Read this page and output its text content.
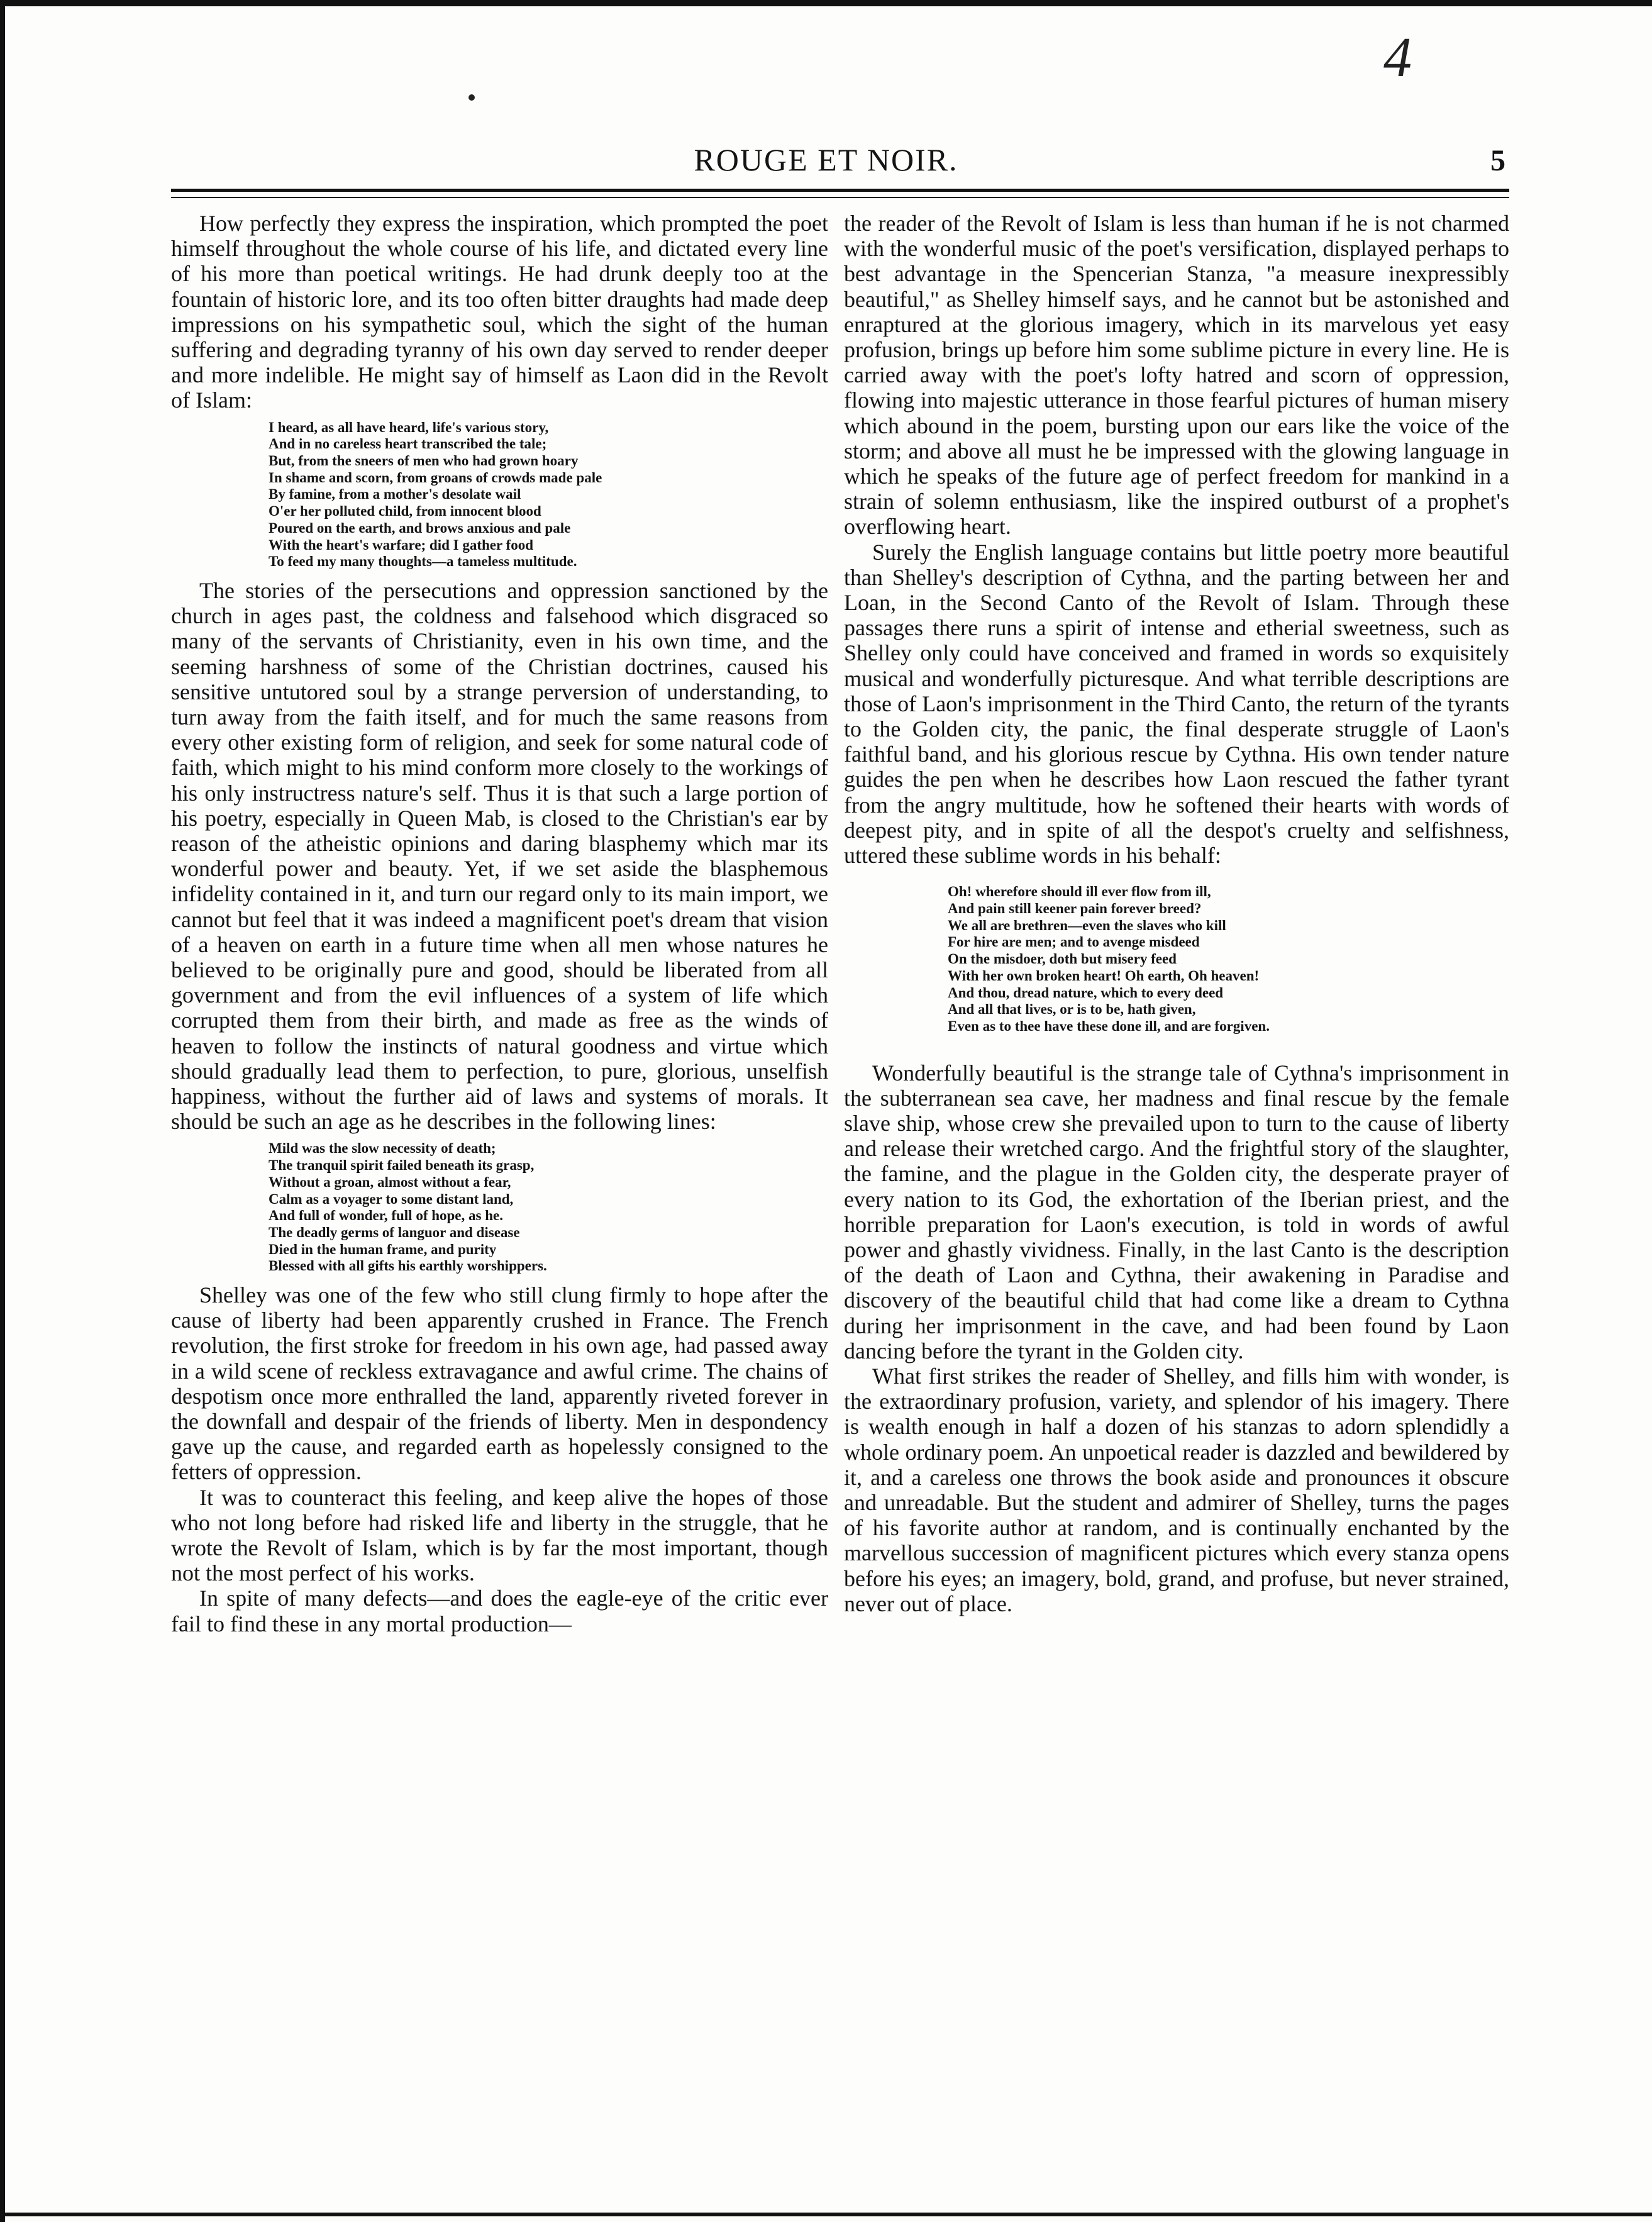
4
ROUGE ET NOIR.	5

How perfectly they express the inspiration, which prompted the poet himself throughout the whole course of his life, and dictated every line of his more than poetical writings. He had drunk deeply too at the fountain of historic lore, and its too often bitter draughts had made deep impressions on his sympathetic soul, which the sight of the human suffering and degrading tyranny of his own day served to render deeper and more indelible. He might say of himself as Laon did in the Revolt of Islam:

I heard, as all have heard, life's various story,
And in no careless heart transcribed the tale;
But, from the sneers of men who had grown hoary
In shame and scorn, from groans of crowds made pale
By famine, from a mother's desolate wail
O'er her polluted child, from innocent blood
Poured on the earth, and brows anxious and pale
With the heart's warfare; did I gather food
To feed my many thoughts—a tameless multitude.

The stories of the persecutions and oppression sanctioned by the church in ages past, the coldness and falsehood which disgraced so many of the servants of Christianity, even in his own time, and the seeming harshness of some of the Christian doctrines, caused his sensitive untutored soul by a strange perversion of understanding, to turn away from the faith itself, and for much the same reasons from every other existing form of religion, and seek for some natural code of faith, which might to his mind conform more closely to the workings of his only instructress nature's self. Thus it is that such a large portion of his poetry, especially in Queen Mab, is closed to the Christian's ear by reason of the atheistic opinions and daring blasphemy which mar its wonderful power and beauty. Yet, if we set aside the blasphemous infidelity contained in it, and turn our regard only to its main import, we cannot but feel that it was indeed a magnificent poet's dream that vision of a heaven on earth in a future time when all men whose natures he believed to be originally pure and good, should be liberated from all government and from the evil influences of a system of life which corrupted them from their birth, and made as free as the winds of heaven to follow the instincts of natural goodness and virtue which should gradually lead them to perfection, to pure, glorious, unselfish happiness, without the further aid of laws and systems of morals. It should be such an age as he describes in the following lines:

Mild was the slow necessity of death;
The tranquil spirit failed beneath its grasp,
Without a groan, almost without a fear,
Calm as a voyager to some distant land,
And full of wonder, full of hope, as he.
The deadly germs of languor and disease
Died in the human frame, and purity
Blessed with all gifts his earthly worshippers.

Shelley was one of the few who still clung firmly to hope after the cause of liberty had been apparently crushed in France. The French revolution, the first stroke for freedom in his own age, had passed away in a wild scene of reckless extravagance and awful crime. The chains of despotism once more enthralled the land, apparently riveted forever in the downfall and despair of the friends of liberty. Men in despondency gave up the cause, and regarded earth as hopelessly consigned to the fetters of oppression.

It was to counteract this feeling, and keep alive the hopes of those who not long before had risked life and liberty in the struggle, that he wrote the Revolt of Islam, which is by far the most important, though not the most perfect of his works.

In spite of many defects—and does the eagle-eye of the critic ever fail to find these in any mortal production—

the reader of the Revolt of Islam is less than human if he is not charmed with the wonderful music of the poet's versification, displayed perhaps to best advantage in the Spencerian Stanza, "a measure inexpressibly beautiful," as Shelley himself says, and he cannot but be astonished and enraptured at the glorious imagery, which in its marvelous yet easy profusion, brings up before him some sublime picture in every line. He is carried away with the poet's lofty hatred and scorn of oppression, flowing into majestic utterance in those fearful pictures of human misery which abound in the poem, bursting upon our ears like the voice of the storm; and above all must he be impressed with the glowing language in which he speaks of the future age of perfect freedom for mankind in a strain of solemn enthusiasm, like the inspired outburst of a prophet's overflowing heart.

Surely the English language contains but little poetry more beautiful than Shelley's description of Cythna, and the parting between her and Loan, in the Second Canto of the Revolt of Islam. Through these passages there runs a spirit of intense and etherial sweetness, such as Shelley only could have conceived and framed in words so exquisitely musical and wonderfully picturesque. And what terrible descriptions are those of Laon's imprisonment in the Third Canto, the return of the tyrants to the Golden city, the panic, the final desperate struggle of Laon's faithful band, and his glorious rescue by Cythna. His own tender nature guides the pen when he describes how Laon rescued the father tyrant from the angry multitude, how he softened their hearts with words of deepest pity, and in spite of all the despot's cruelty and selfishness, uttered these sublime words in his behalf:

Oh! wherefore should ill ever flow from ill,
And pain still keener pain forever breed?
We all are brethren—even the slaves who kill
For hire are men; and to avenge misdeed
On the misdoer, doth but misery feed
With her own broken heart! Oh earth, Oh heaven!
And thou, dread nature, which to every deed
And all that lives, or is to be, hath given,
Even as to thee have these done ill, and are forgiven.

Wonderfully beautiful is the strange tale of Cythna's imprisonment in the subterranean sea cave, her madness and final rescue by the female slave ship, whose crew she prevailed upon to turn to the cause of liberty and release their wretched cargo. And the frightful story of the slaughter, the famine, and the plague in the Golden city, the desperate prayer of every nation to its God, the exhortation of the Iberian priest, and the horrible preparation for Laon's execution, is told in words of awful power and ghastly vividness. Finally, in the last Canto is the description of the death of Laon and Cythna, their awakening in Paradise and discovery of the beautiful child that had come like a dream to Cythna during her imprisonment in the cave, and had been found by Laon dancing before the tyrant in the Golden city.

What first strikes the reader of Shelley, and fills him with wonder, is the extraordinary profusion, variety, and splendor of his imagery. There is wealth enough in half a dozen of his stanzas to adorn splendidly a whole ordinary poem. An unpoetical reader is dazzled and bewildered by it, and a careless one throws the book aside and pronounces it obscure and unreadable. But the student and admirer of Shelley, turns the pages of his favorite author at random, and is continually enchanted by the marvellous succession of magnificent pictures which every stanza opens before his eyes; an imagery, bold, grand, and profuse, but never strained, never out of place.
